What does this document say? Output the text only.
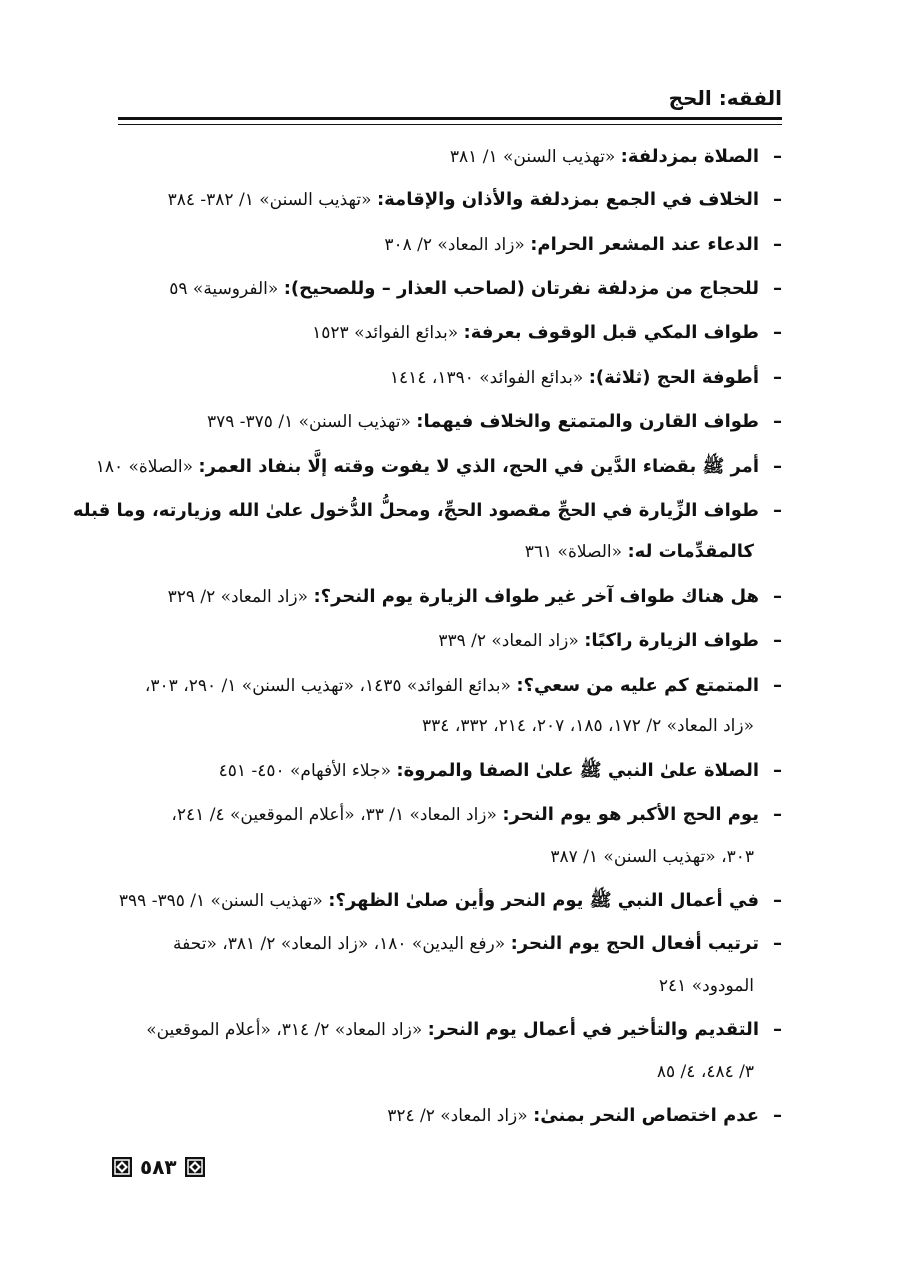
الفقه: الحج
–الصلاة بمزدلفة: «تهذيب السنن» ١/ ٣٨١
–الخلاف في الجمع بمزدلفة والأذان والإقامة: «تهذيب السنن» ١/ ٣٨٢- ٣٨٤
–الدعاء عند المشعر الحرام: «زاد المعاد» ٢/ ٣٠٨
–للحجاج من مزدلفة نفرتان (لصاحب العذار – وللصحيح): «الفروسية» ٥٩
–طواف المكي قبل الوقوف بعرفة: «بدائع الفوائد» ١٥٢٣
–أطوفة الحج (ثلاثة): «بدائع الفوائد» ١٣٩٠، ١٤١٤
–طواف القارن والمتمتع والخلاف فيهما: «تهذيب السنن» ١/ ٣٧٥- ٣٧٩
–أمر ﷺ بقضاء الدَّين في الحج، الذي لا يفوت وقته إلَّا بنفاد العمر: «الصلاة» ١٨٠
–طواف الزِّيارة في الحجِّ مقصود الحجِّ، ومحلُّ الدُّخول علىٰ الله وزيارته، وما قبله
كالمقدِّمات له: «الصلاة» ٣٦١
–هل هناك طواف آخر غير طواف الزيارة يوم النحر؟: «زاد المعاد» ٢/ ٣٢٩
–طواف الزيارة راكبًا: «زاد المعاد» ٢/ ٣٣٩
–المتمتع كم عليه من سعي؟: «بدائع الفوائد» ١٤٣٥، «تهذيب السنن» ١/ ٢٩٠، ٣٠٣،
«زاد المعاد» ٢/ ١٧٢، ١٨٥، ٢٠٧، ٢١٤، ٣٣٢، ٣٣٤
–الصلاة علىٰ النبي ﷺ علىٰ الصفا والمروة: «جلاء الأفهام» ٤٥٠- ٤٥١
–يوم الحج الأكبر هو يوم النحر: «زاد المعاد» ١/ ٣٣، «أعلام الموقعين» ٤/ ٢٤١،
٣٠٣، «تهذيب السنن» ١/ ٣٨٧
–في أعمال النبي ﷺ يوم النحر وأين صلىٰ الظهر؟: «تهذيب السنن» ١/ ٣٩٥- ٣٩٩
–ترتيب أفعال الحج يوم النحر: «رفع اليدين» ١٨٠، «زاد المعاد» ٢/ ٣٨١، «تحفة
المودود» ٢٤١
–التقديم والتأخير في أعمال يوم النحر: «زاد المعاد» ٢/ ٣١٤، «أعلام الموقعين»
٣/ ٤٨٤، ٤/ ٨٥
–عدم اختصاص النحر بمنىٰ: «زاد المعاد» ٢/ ٣٢٤
٥٨٣
